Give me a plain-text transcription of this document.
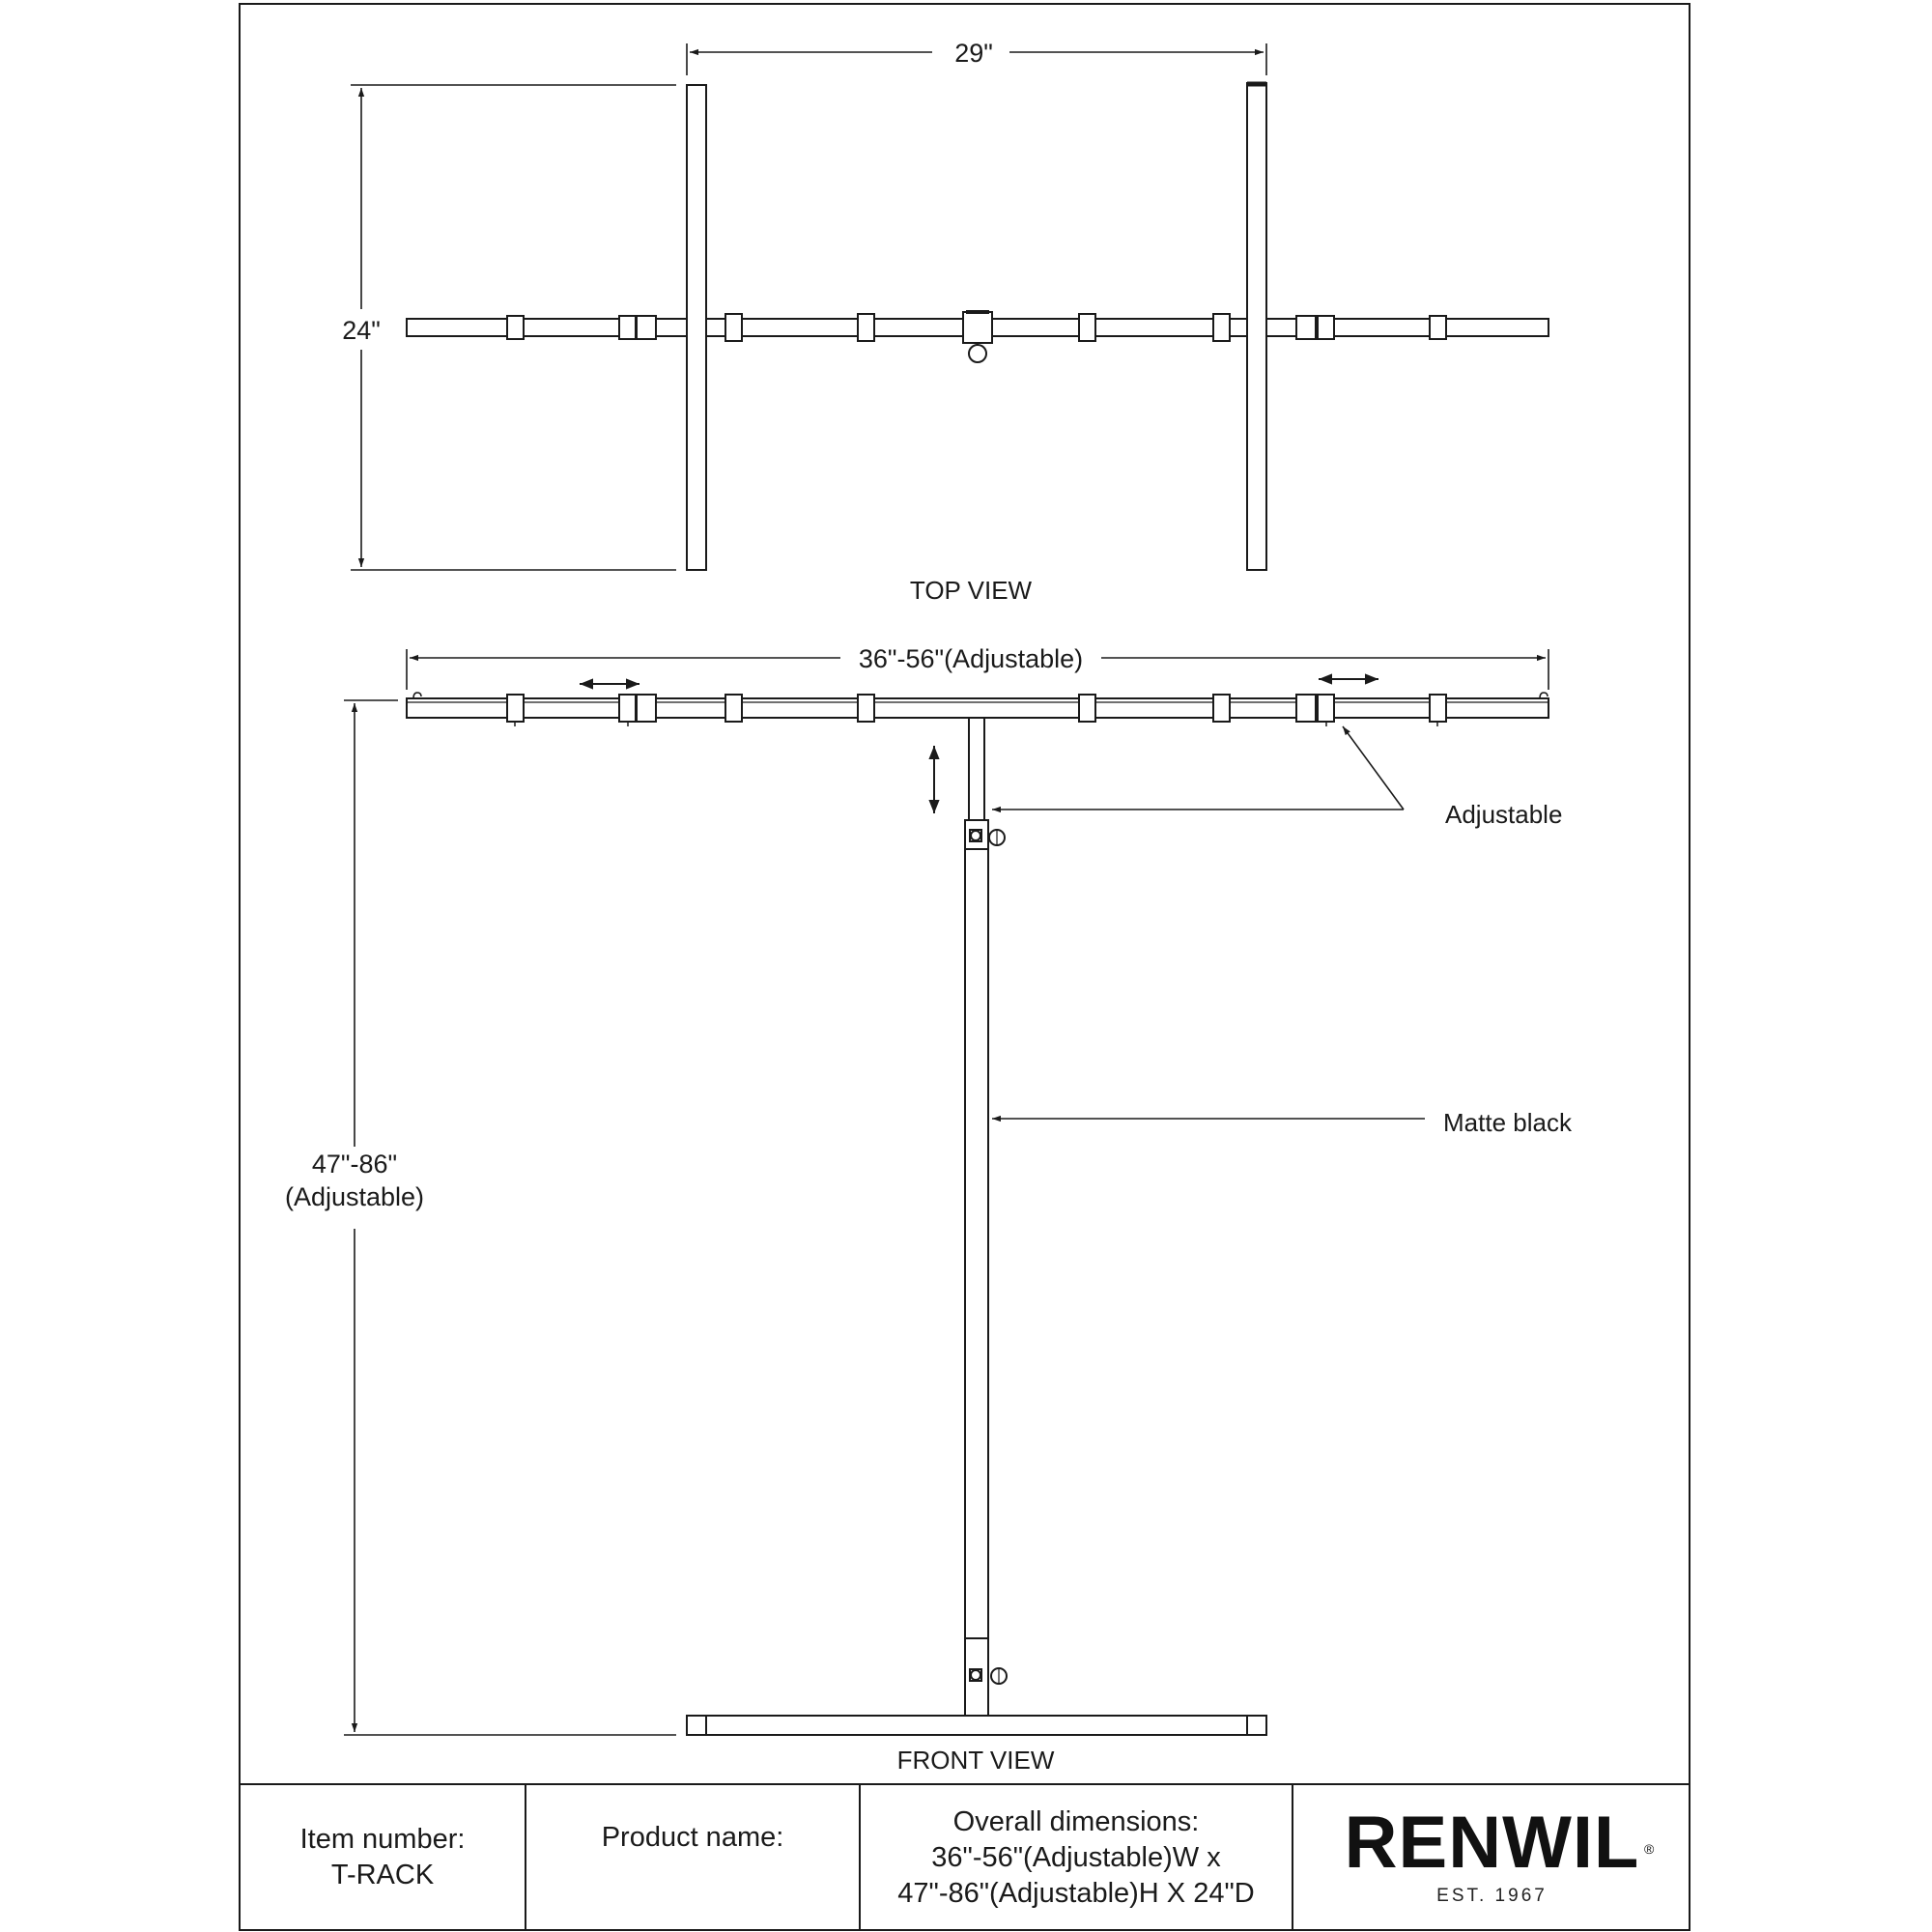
29"
24"
TOP VIEW
36"-56"(Adjustable)
47"-86"
(Adjustable)
FRONT VIEW
Adjustable
Matte black
Item number:
T-RACK
Product name:
Overall dimensions:
36"-56"(Adjustable)W x
47"-86"(Adjustable)H X 24"D
RENWIL ®
EST. 1967
